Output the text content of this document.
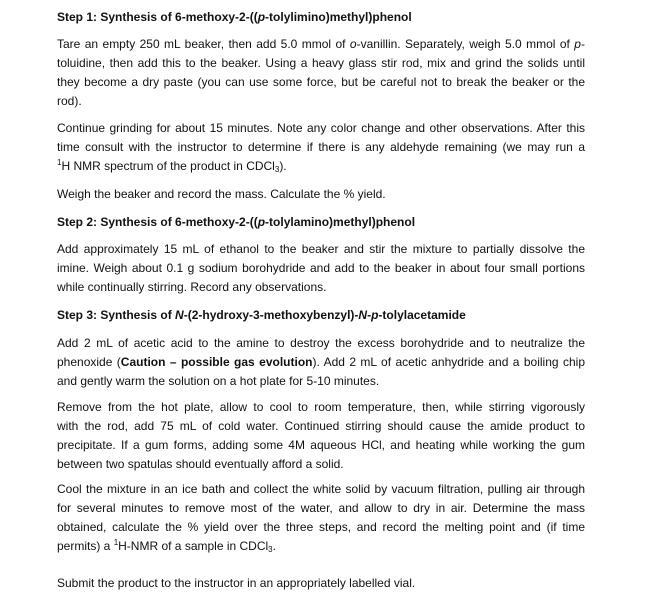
Step 1: Synthesis of 6-methoxy-2-((p-tolylimino)methyl)phenol
Tare an empty 250 mL beaker, then add 5.0 mmol of o-vanillin. Separately, weigh 5.0 mmol of p-
toluidine, then add this to the beaker. Using a heavy glass stir rod, mix and grind the solids until
they become a dry paste (you can use some force, but be careful not to break the beaker or the
rod).
Continue grinding for about 15 minutes. Note any color change and other observations. After this
time consult with the instructor to determine if there is any aldehyde remaining (we may run a
$^1$H NMR spectrum of the product in CDCl$_3$).
Weigh the beaker and record the mass. Calculate the % yield.
Step 2: Synthesis of 6-methoxy-2-((p-tolylamino)methyl)phenol
Add approximately 15 mL of ethanol to the beaker and stir the mixture to partially dissolve the
imine. Weigh about 0.1 g sodium borohydride and add to the beaker in about four small portions
while continually stirring. Record any observations.
Step 3: Synthesis of N-(2-hydroxy-3-methoxybenzyl)-N-p-tolylacetamide
Add 2 mL of acetic acid to the amine to destroy the excess borohydride and to neutralize the
phenoxide (Caution – possible gas evolution). Add 2 mL of acetic anhydride and a boiling chip
and gently warm the solution on a hot plate for 5-10 minutes.
Remove from the hot plate, allow to cool to room temperature, then, while stirring vigorously
with the rod, add 75 mL of cold water. Continued stirring should cause the amide product to
precipitate. If a gum forms, adding some 4M aqueous HCl, and heating while working the gum
between two spatulas should eventually afford a solid.
Cool the mixture in an ice bath and collect the white solid by vacuum filtration, pulling air through
for several minutes to remove most of the water, and allow to dry in air. Determine the mass
obtained, calculate the % yield over the three steps, and record the melting point and (if time
permits) a $^1$H-NMR of a sample in CDCl$_3$.
Submit the product to the instructor in an appropriately labelled vial.
